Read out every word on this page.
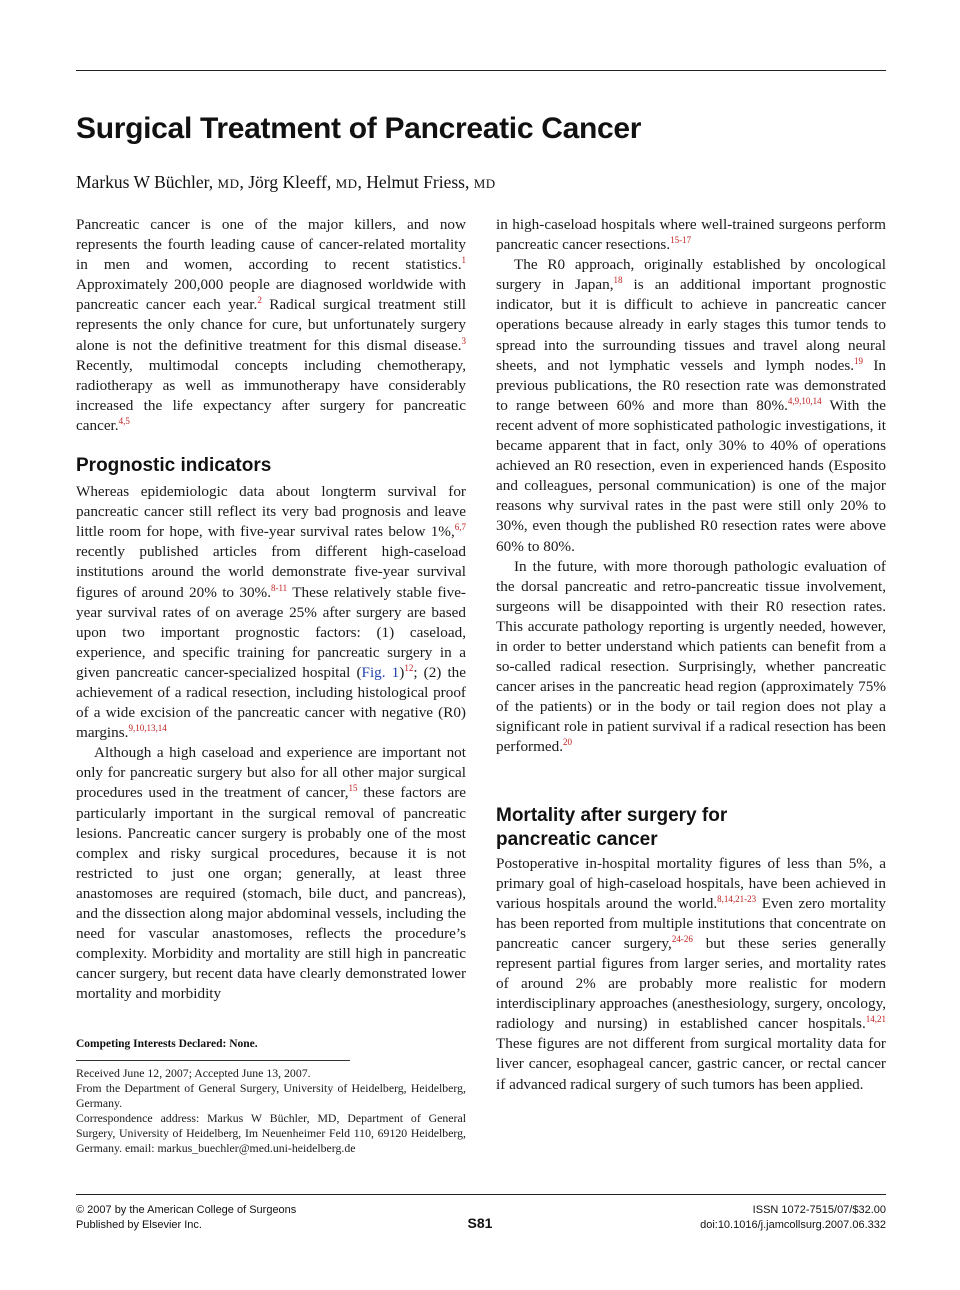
Surgical Treatment of Pancreatic Cancer
Markus W Büchler, MD, Jörg Kleeff, MD, Helmut Friess, MD

Pancreatic cancer is one of the major killers, and now represents the fourth leading cause of cancer-related mortality in men and women, according to recent statistics.$^1$ Approximately 200,000 people are diagnosed worldwide with pancreatic cancer each year.$^2$ Radical surgical treatment still represents the only chance for cure, but unfortunately surgery alone is not the definitive treatment for this dismal disease.$^3$ Recently, multimodal concepts including chemotherapy, radiotherapy as well as immunotherapy have considerably increased the life expectancy after surgery for pancreatic cancer.$^{4,5}$

Prognostic indicators

Whereas epidemiologic data about longterm survival for pancreatic cancer still reflect its very bad prognosis and leave little room for hope, with five-year survival rates below 1%,$^{6,7}$ recently published articles from different high-caseload institutions around the world demonstrate five-year survival figures of around 20% to 30%.$^{8-11}$ These relatively stable five-year survival rates of on average 25% after surgery are based upon two important prognostic factors: (1) caseload, experience, and specific training for pancreatic surgery in a given pancreatic cancer-specialized hospital (Fig. 1)$^{12}$; (2) the achievement of a radical resection, including histological proof of a wide excision of the pancreatic cancer with negative (R0) margins.$^{9,10,13,14}$

Although a high caseload and experience are important not only for pancreatic surgery but also for all other major surgical procedures used in the treatment of cancer,$^{15}$ these factors are particularly important in the surgical removal of pancreatic lesions. Pancreatic cancer surgery is probably one of the most complex and risky surgical procedures, because it is not restricted to just one organ; generally, at least three anastomoses are required (stomach, bile duct, and pancreas), and the dissection along major abdominal vessels, including the need for vascular anastomoses, reflects the procedure’s complexity. Morbidity and mortality are still high in pancreatic cancer surgery, but recent data have clearly demonstrated lower mortality and morbidity

Competing Interests Declared: None.

Received June 12, 2007; Accepted June 13, 2007.

From the Department of General Surgery, University of Heidelberg, Heidelberg, Germany.

Correspondence address: Markus W Büchler, MD, Department of General Surgery, University of Heidelberg, Im Neuenheimer Feld 110, 69120 Heidelberg, Germany. email: markus_buechler@med.uni-heidelberg.de

in high-caseload hospitals where well-trained surgeons perform pancreatic cancer resections.$^{15-17}$

The R0 approach, originally established by oncological surgery in Japan,$^{18}$ is an additional important prognostic indicator, but it is difficult to achieve in pancreatic cancer operations because already in early stages this tumor tends to spread into the surrounding tissues and travel along neural sheets, and not lymphatic vessels and lymph nodes.$^{19}$ In previous publications, the R0 resection rate was demonstrated to range between 60% and more than 80%.$^{4,9,10,14}$ With the recent advent of more sophisticated pathologic investigations, it became apparent that in fact, only 30% to 40% of operations achieved an R0 resection, even in experienced hands (Esposito and colleagues, personal communication) is one of the major reasons why survival rates in the past were still only 20% to 30%, even though the published R0 resection rates were above 60% to 80%.

In the future, with more thorough pathologic evaluation of the dorsal pancreatic and retro-pancreatic tissue involvement, surgeons will be disappointed with their R0 resection rates. This accurate pathology reporting is urgently needed, however, in order to better understand which patients can benefit from a so-called radical resection. Surprisingly, whether pancreatic cancer arises in the pancreatic head region (approximately 75% of the patients) or in the body or tail region does not play a significant role in patient survival if a radical resection has been performed.$^{20}$

Mortality after surgery for
pancreatic cancer

Postoperative in-hospital mortality figures of less than 5%, a primary goal of high-caseload hospitals, have been achieved in various hospitals around the world.$^{8,14,21-23}$ Even zero mortality has been reported from multiple institutions that concentrate on pancreatic cancer surgery,$^{24-26}$ but these series generally represent partial figures from larger series, and mortality rates of around 2% are probably more realistic for modern interdisciplinary approaches (anesthesiology, surgery, oncology, radiology and nursing) in established cancer hospitals.$^{14,21}$ These figures are not different from surgical mortality data for liver cancer, esophageal cancer, gastric cancer, or rectal cancer if advanced radical surgery of such tumors has been applied.

© 2007 by the American College of Surgeons
Published by Elsevier Inc.	S81
ISSN 1072-7515/07/$32.00
doi:10.1016/j.jamcollsurg.2007.06.332
